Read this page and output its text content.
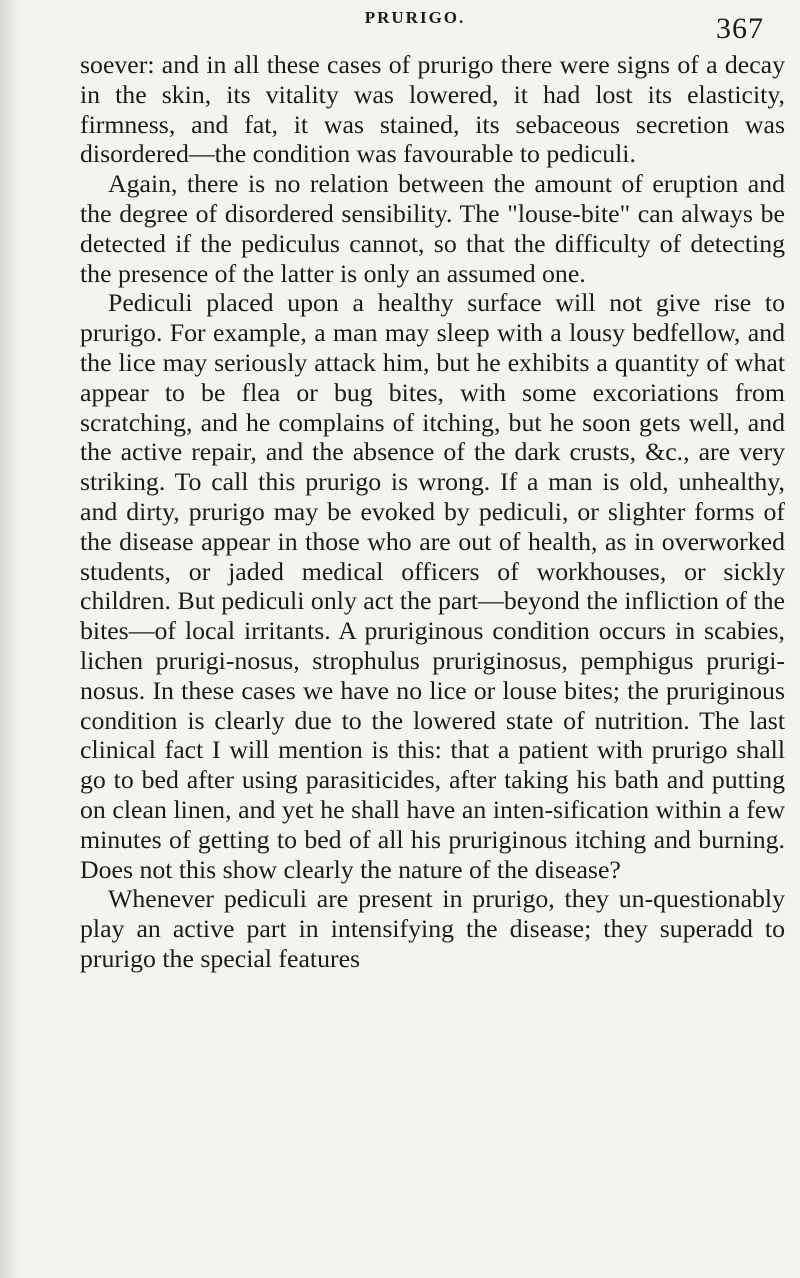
PRURIGO.	367

soever: and in all these cases of prurigo there were signs of a decay in the skin, its vitality was lowered, it had lost its elasticity, firmness, and fat, it was stained, its sebaceous secretion was disordered—the condition was favourable to pediculi.

Again, there is no relation between the amount of eruption and the degree of disordered sensibility. The "louse-bite" can always be detected if the pediculus cannot, so that the difficulty of detecting the presence of the latter is only an assumed one.

Pediculi placed upon a healthy surface will not give rise to prurigo. For example, a man may sleep with a lousy bedfellow, and the lice may seriously attack him, but he exhibits a quantity of what appear to be flea or bug bites, with some excoriations from scratching, and he complains of itching, but he soon gets well, and the active repair, and the absence of the dark crusts, &c., are very striking. To call this prurigo is wrong. If a man is old, unhealthy, and dirty, prurigo may be evoked by pediculi, or slighter forms of the disease appear in those who are out of health, as in overworked students, or jaded medical officers of workhouses, or sickly children. But pediculi only act the part—beyond the infliction of the bites—of local irritants. A pruriginous condition occurs in scabies, lichen prurigi-nosus, strophulus pruriginosus, pemphigus prurigi-nosus. In these cases we have no lice or louse bites; the pruriginous condition is clearly due to the lowered state of nutrition. The last clinical fact I will mention is this: that a patient with prurigo shall go to bed after using parasiticides, after taking his bath and putting on clean linen, and yet he shall have an inten-sification within a few minutes of getting to bed of all his pruriginous itching and burning. Does not this show clearly the nature of the disease?

Whenever pediculi are present in prurigo, they un-questionably play an active part in intensifying the disease; they superadd to prurigo the special features
